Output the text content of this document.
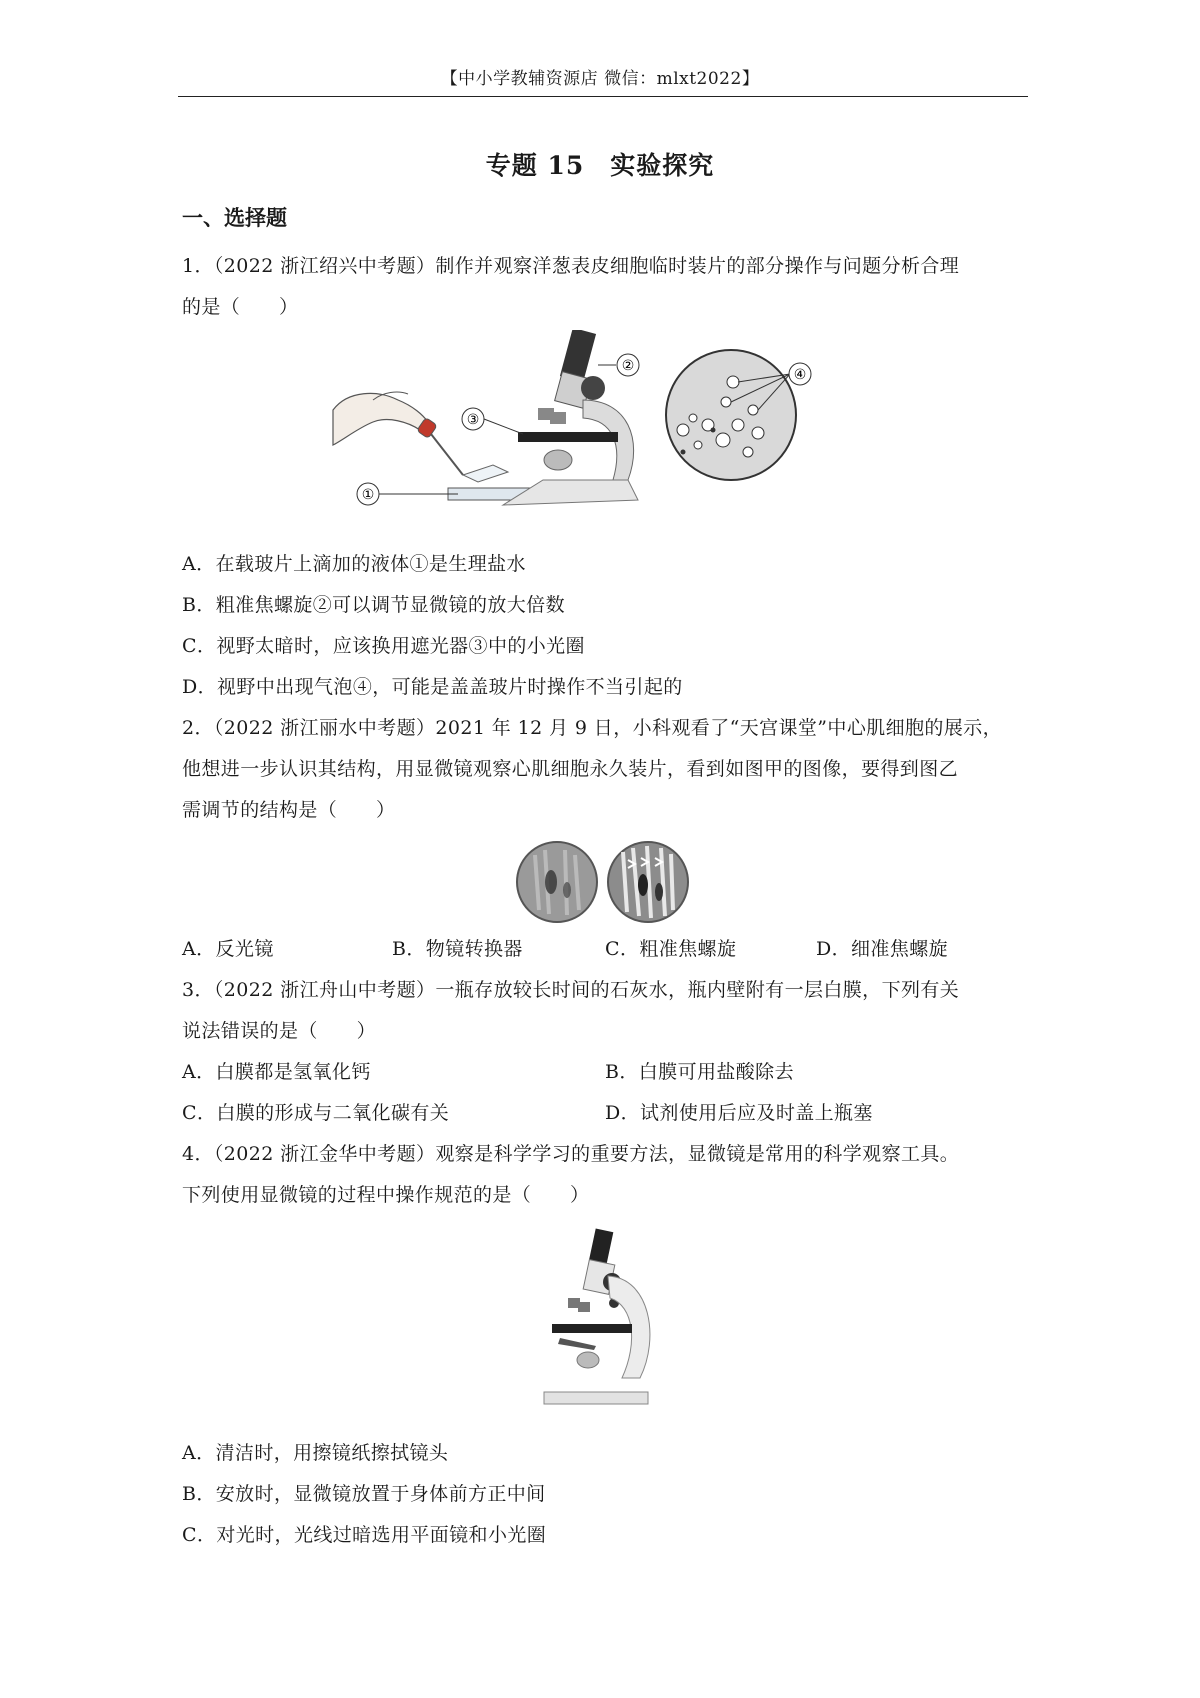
【中小学教辅资源店 微信：mlxt2022】
专题 15　实验探究
一、选择题
1．（2022 浙江绍兴中考题）制作并观察洋葱表皮细胞临时装片的部分操作与问题分析合理
的是（　　）
①
②
③
④
A．在载玻片上滴加的液体①是生理盐水
B．粗准焦螺旋②可以调节显微镜的放大倍数
C．视野太暗时，应该换用遮光器③中的小光圈
D．视野中出现气泡④，可能是盖盖玻片时操作不当引起的
2．（2022 浙江丽水中考题）2021 年 12 月 9 日，小科观看了“天宫课堂”中心肌细胞的展示，
他想进一步认识其结构，用显微镜观察心肌细胞永久装片，看到如图甲的图像，要得到图乙
需调节的结构是（　　）
A．反光镜	B．物镜转换器	C．粗准焦螺旋	D．细准焦螺旋
3．（2022 浙江舟山中考题）一瓶存放较长时间的石灰水，瓶内壁附有一层白膜，下列有关
说法错误的是（　　）
A．白膜都是氢氧化钙	B．白膜可用盐酸除去
C．白膜的形成与二氧化碳有关	D．试剂使用后应及时盖上瓶塞
4．（2022 浙江金华中考题）观察是科学学习的重要方法，显微镜是常用的科学观察工具。
下列使用显微镜的过程中操作规范的是（　　）
A．清洁时，用擦镜纸擦拭镜头
B．安放时，显微镜放置于身体前方正中间
C．对光时，光线过暗选用平面镜和小光圈
